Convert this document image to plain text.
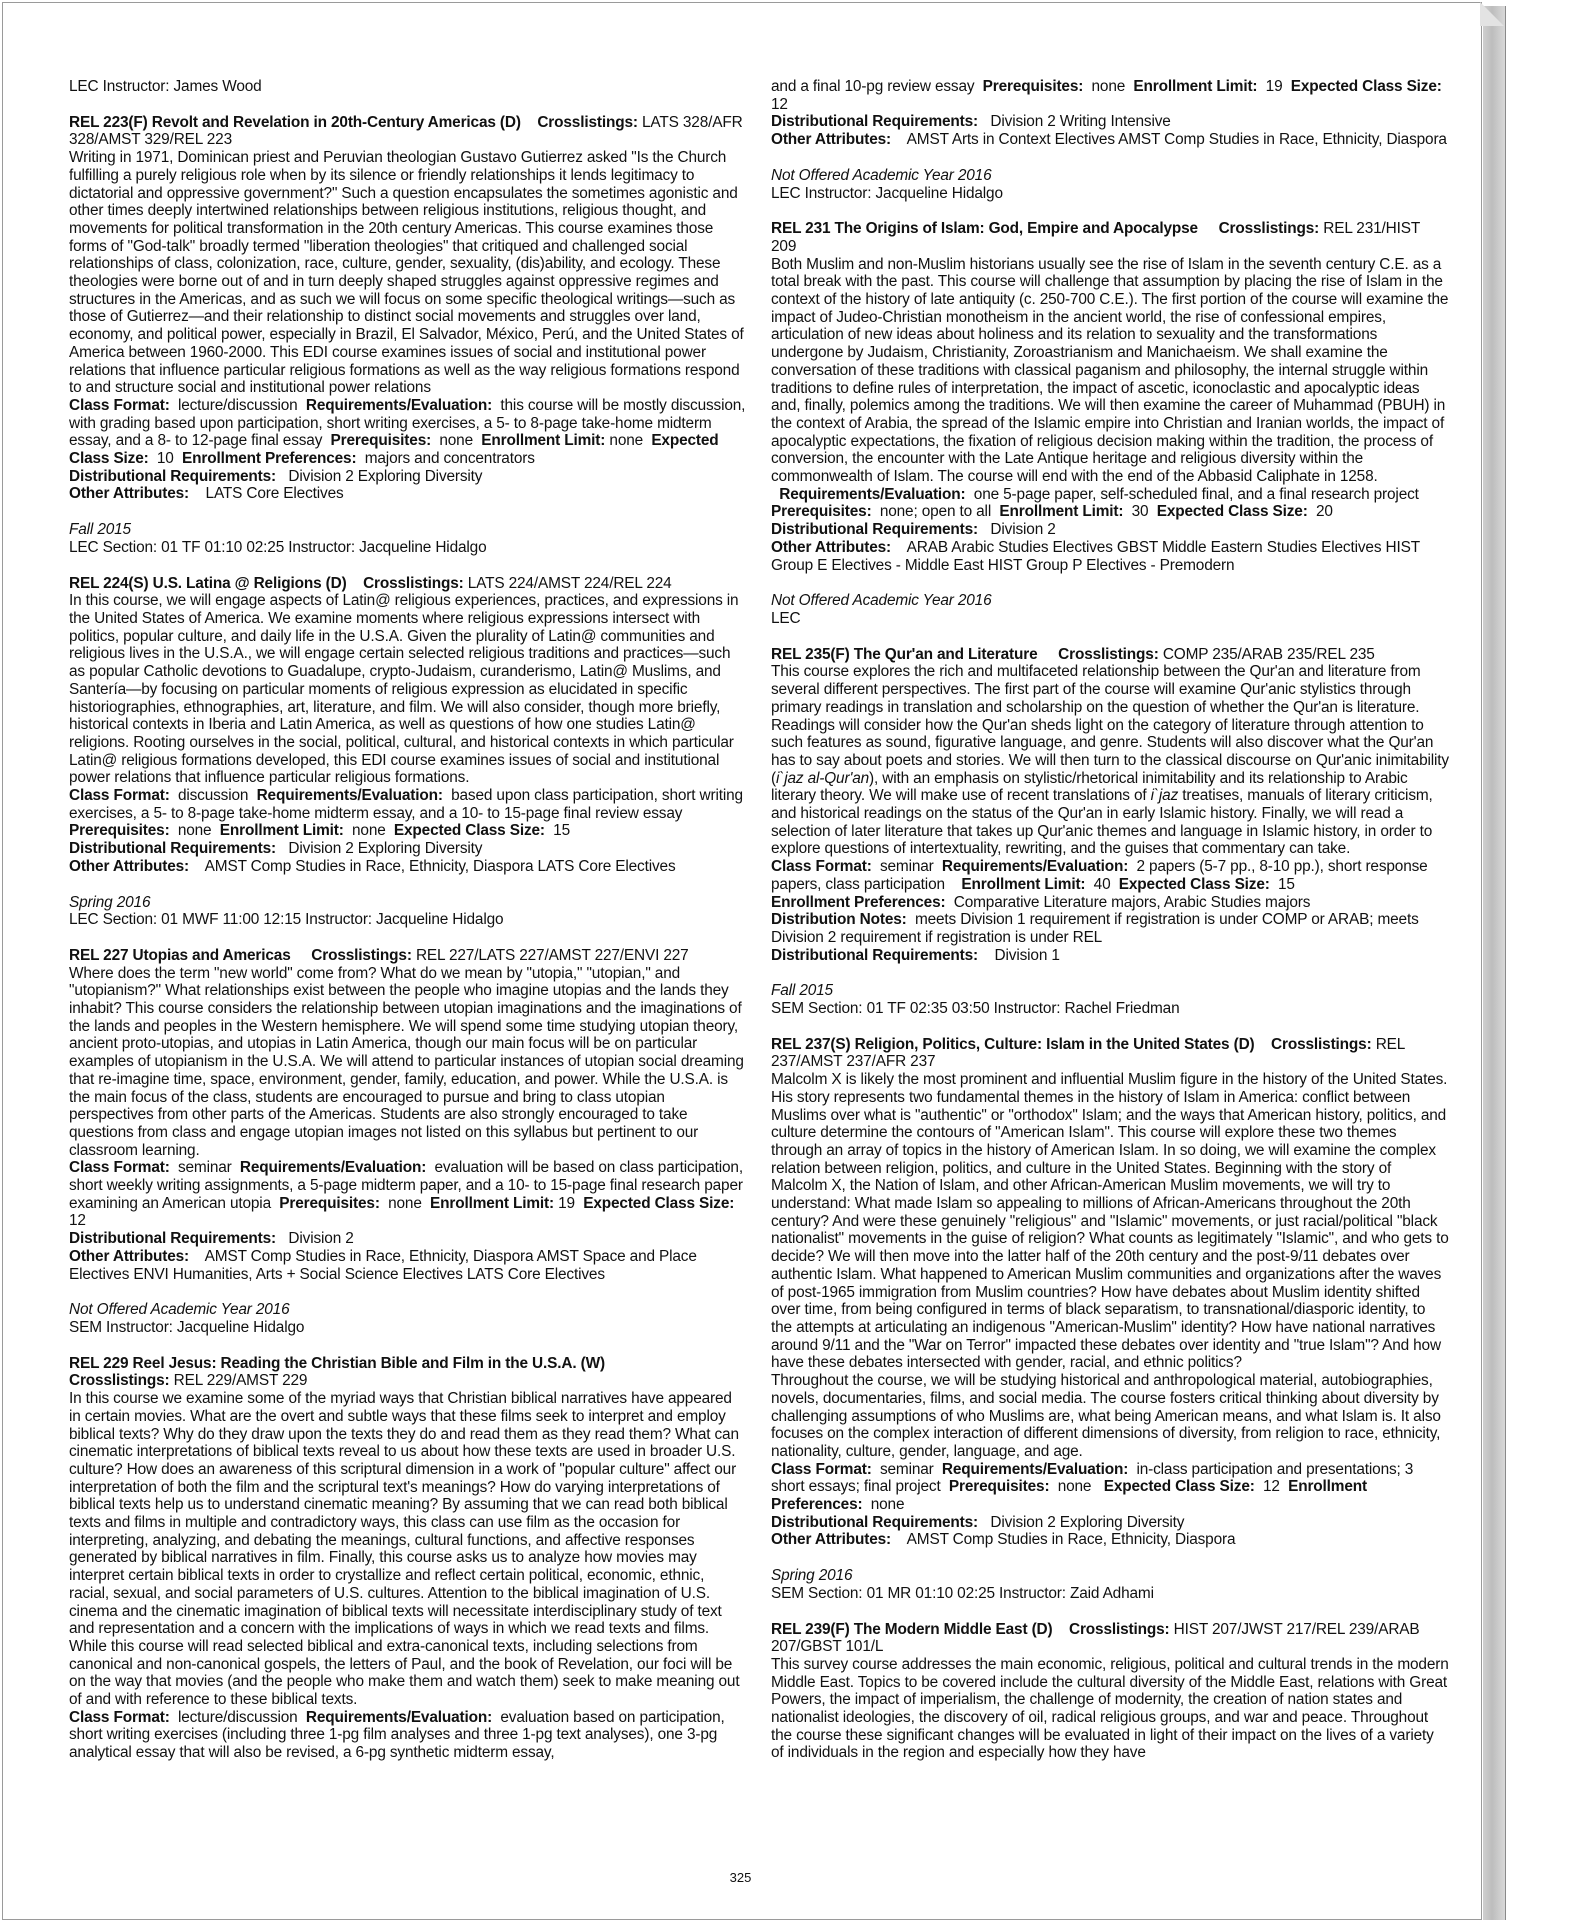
LEC Instructor: James Wood

REL 223(F) Revolt and Revelation in 20th-Century Americas (D) Crosslistings: LATS 328/AFR 328/AMST 329/REL 223

Writing in 1971, Dominican priest and Peruvian theologian Gustavo Gutierrez asked "Is the Church fulfilling a purely religious role when by its silence or friendly relationships it lends legitimacy to dictatorial and oppressive government?" Such a question encapsulates the sometimes agonistic and other times deeply intertwined relationships between religious institutions, religious thought, and movements for political transformation in the 20th century Americas. This course examines those forms of "God-talk" broadly termed "liberation theologies" that critiqued and challenged social relationships of class, colonization, race, culture, gender, sexuality, (dis)ability, and ecology. These theologies were borne out of and in turn deeply shaped struggles against oppressive regimes and structures in the Americas, and as such we will focus on some specific theological writings—such as those of Gutierrez—and their relationship to distinct social movements and struggles over land, economy, and political power, especially in Brazil, El Salvador, México, Perú, and the United States of America between 1960-2000. This EDI course examines issues of social and institutional power relations that influence particular religious formations as well as the way religious formations respond to and structure social and institutional power relations

Class Format: lecture/discussion Requirements/Evaluation: this course will be mostly discussion, with grading based upon participation, short writing exercises, a 5- to 8-page take-home midterm essay, and a 8- to 12-page final essay Prerequisites: none Enrollment Limit: none Expected Class Size: 10 Enrollment Preferences: majors and concentrators

Distributional Requirements: Division 2 Exploring Diversity

Other Attributes: LATS Core Electives

Fall 2015

LEC Section: 01 TF 01:10 02:25 Instructor: Jacqueline Hidalgo

REL 224(S) U.S. Latina @ Religions (D) Crosslistings: LATS 224/AMST 224/REL 224

In this course, we will engage aspects of Latin@ religious experiences, practices, and expressions in the United States of America. We examine moments where religious expressions intersect with politics, popular culture, and daily life in the U.S.A. Given the plurality of Latin@ communities and religious lives in the U.S.A., we will engage certain selected religious traditions and practices—such as popular Catholic devotions to Guadalupe, crypto-Judaism, curanderismo, Latin@ Muslims, and Santería—by focusing on particular moments of religious expression as elucidated in specific historiographies, ethnographies, art, literature, and film. We will also consider, though more briefly, historical contexts in Iberia and Latin America, as well as questions of how one studies Latin@ religions. Rooting ourselves in the social, political, cultural, and historical contexts in which particular Latin@ religious formations developed, this EDI course examines issues of social and institutional power relations that influence particular religious formations.

Class Format: discussion Requirements/Evaluation: based upon class participation, short writing exercises, a 5- to 8-page take-home midterm essay, and a 10- to 15-page final review essay  Prerequisites: none Enrollment Limit: none Expected Class Size: 15

Distributional Requirements: Division 2 Exploring Diversity

Other Attributes: AMST Comp Studies in Race, Ethnicity, Diaspora LATS Core Electives

Spring 2016

LEC Section: 01 MWF 11:00 12:15 Instructor: Jacqueline Hidalgo

REL 227 Utopias and Americas Crosslistings: REL 227/LATS 227/AMST 227/ENVI 227

Where does the term "new world" come from? What do we mean by "utopia," "utopian," and "utopianism?" What relationships exist between the people who imagine utopias and the lands they inhabit? This course considers the relationship between utopian imaginations and the imaginations of the lands and peoples in the Western hemisphere. We will spend some time studying utopian theory, ancient proto-utopias, and utopias in Latin America, though our main focus will be on particular examples of utopianism in the U.S.A. We will attend to particular instances of utopian social dreaming that re-imagine time, space, environment, gender, family, education, and power. While the U.S.A. is the main focus of the class, students are encouraged to pursue and bring to class utopian perspectives from other parts of the Americas. Students are also strongly encouraged to take questions from class and engage utopian images not listed on this syllabus but pertinent to our classroom learning.

Class Format: seminar Requirements/Evaluation: evaluation will be based on class participation, short weekly writing assignments, a 5-page midterm paper, and a 10- to 15-page final research paper examining an American utopia Prerequisites: none Enrollment Limit: 19 Expected Class Size:  12

Distributional Requirements: Division 2

Other Attributes: AMST Comp Studies in Race, Ethnicity, Diaspora AMST Space and Place Electives ENVI Humanities, Arts + Social Science Electives LATS Core Electives

Not Offered Academic Year 2016

SEM Instructor: Jacqueline Hidalgo

REL 229 Reel Jesus: Reading the Christian Bible and Film in the U.S.A. (W)

Crosslistings: REL 229/AMST 229

In this course we examine some of the myriad ways that Christian biblical narratives have appeared in certain movies. What are the overt and subtle ways that these films seek to interpret and employ biblical texts? Why do they draw upon the texts they do and read them as they read them? What can cinematic interpretations of biblical texts reveal to us about how these texts are used in broader U.S. culture? How does an awareness of this scriptural dimension in a work of "popular culture" affect our interpretation of both the film and the scriptural text's meanings? How do varying interpretations of biblical texts help us to understand cinematic meaning? By assuming that we can read both biblical texts and films in multiple and contradictory ways, this class can use film as the occasion for interpreting, analyzing, and debating the meanings, cultural functions, and affective responses generated by biblical narratives in film. Finally, this course asks us to analyze how movies may interpret certain biblical texts in order to crystallize and reflect certain political, economic, ethnic, racial, sexual, and social parameters of U.S. cultures. Attention to the biblical imagination of U.S. cinema and the cinematic imagination of biblical texts will necessitate interdisciplinary study of text and representation and a concern with the implications of ways in which we read texts and films. While this course will read selected biblical and extra-canonical texts, including selections from canonical and non-canonical gospels, the letters of Paul, and the book of Revelation, our foci will be on the way that movies (and the people who make them and watch them) seek to make meaning out of and with reference to these biblical texts.

Class Format: lecture/discussion Requirements/Evaluation: evaluation based on participation, short writing exercises (including three 1-pg film analyses and three 1-pg text analyses), one 3-pg analytical essay that will also be revised, a 6-pg synthetic midterm essay,

and a final 10-pg review essay Prerequisites: none Enrollment Limit: 19 Expected Class Size:  12

Distributional Requirements: Division 2 Writing Intensive

Other Attributes: AMST Arts in Context Electives AMST Comp Studies in Race, Ethnicity, Diaspora

Not Offered Academic Year 2016

LEC Instructor: Jacqueline Hidalgo

REL 231 The Origins of Islam: God, Empire and Apocalypse Crosslistings: REL 231/HIST 209

Both Muslim and non-Muslim historians usually see the rise of Islam in the seventh century C.E. as a total break with the past. This course will challenge that assumption by placing the rise of Islam in the context of the history of late antiquity (c. 250-700 C.E.). The first portion of the course will examine the impact of Judeo-Christian monotheism in the ancient world, the rise of confessional empires, articulation of new ideas about holiness and its relation to sexuality and the transformations undergone by Judaism, Christianity, Zoroastrianism and Manichaeism. We shall examine the conversation of these traditions with classical paganism and philosophy, the internal struggle within traditions to define rules of interpretation, the impact of ascetic, iconoclastic and apocalyptic ideas and, finally, polemics among the traditions. We will then examine the career of Muhammad (PBUH) in the context of Arabia, the spread of the Islamic empire into Christian and Iranian worlds, the impact of apocalyptic expectations, the fixation of religious decision making within the tradition, the process of conversion, the encounter with the Late Antique heritage and religious diversity within the commonwealth of Islam. The course will end with the end of the Abbasid Caliphate in 1258.

Requirements/Evaluation: one 5-page paper, self-scheduled final, and a final research project  Prerequisites: none; open to all Enrollment Limit: 30 Expected Class Size: 20

Distributional Requirements: Division 2

Other Attributes: ARAB Arabic Studies Electives GBST Middle Eastern Studies Electives HIST Group E Electives - Middle East HIST Group P Electives - Premodern

Not Offered Academic Year 2016

LEC

REL 235(F) The Qur'an and Literature Crosslistings: COMP 235/ARAB 235/REL 235

This course explores the rich and multifaceted relationship between the Qur'an and literature from several different perspectives. The first part of the course will examine Qur'anic stylistics through primary readings in translation and scholarship on the question of whether the Qur'an is literature. Readings will consider how the Qur'an sheds light on the category of literature through attention to such features as sound, figurative language, and genre. Students will also discover what the Qur'an has to say about poets and stories. We will then turn to the classical discourse on Qur'anic inimitability (i`jaz al-Qur'an), with an emphasis on stylistic/rhetorical inimitability and its relationship to Arabic literary theory. We will make use of recent translations of i`jaz treatises, manuals of literary criticism, and historical readings on the status of the Qur'an in early Islamic history. Finally, we will read a selection of later literature that takes up Qur'anic themes and language in Islamic history, in order to explore questions of intertextuality, rewriting, and the guises that commentary can take.

Class Format: seminar Requirements/Evaluation: 2 papers (5-7 pp., 8-10 pp.), short response papers, class participation Enrollment Limit: 40 Expected Class Size: 15

Enrollment Preferences: Comparative Literature majors, Arabic Studies majors

Distribution Notes: meets Division 1 requirement if registration is under COMP or ARAB; meets Division 2 requirement if registration is under REL

Distributional Requirements: Division 1

Fall 2015

SEM Section: 01 TF 02:35 03:50 Instructor: Rachel Friedman

REL 237(S) Religion, Politics, Culture: Islam in the United States (D) Crosslistings: REL 237/AMST 237/AFR 237

Malcolm X is likely the most prominent and influential Muslim figure in the history of the United States. His story represents two fundamental themes in the history of Islam in America: conflict between Muslims over what is "authentic" or "orthodox" Islam; and the ways that American history, politics, and culture determine the contours of "American Islam". This course will explore these two themes through an array of topics in the history of American Islam. In so doing, we will examine the complex relation between religion, politics, and culture in the United States. Beginning with the story of Malcolm X, the Nation of Islam, and other African-American Muslim movements, we will try to understand: What made Islam so appealing to millions of African-Americans throughout the 20th century? And were these genuinely "religious" and "Islamic" movements, or just racial/political "black nationalist" movements in the guise of religion? What counts as legitimately "Islamic", and who gets to decide? We will then move into the latter half of the 20th century and the post-9/11 debates over authentic Islam. What happened to American Muslim communities and organizations after the waves of post-1965 immigration from Muslim countries? How have debates about Muslim identity shifted over time, from being configured in terms of black separatism, to transnational/diasporic identity, to the attempts at articulating an indigenous "American-Muslim" identity? How have national narratives around 9/11 and the "War on Terror" impacted these debates over identity and "true Islam"? And how have these debates intersected with gender, racial, and ethnic politics?

Throughout the course, we will be studying historical and anthropological material, autobiographies, novels, documentaries, films, and social media. The course fosters critical thinking about diversity by challenging assumptions of who Muslims are, what being American means, and what Islam is. It also focuses on the complex interaction of different dimensions of diversity, from religion to race, ethnicity, nationality, culture, gender, language, and age.

Class Format: seminar Requirements/Evaluation: in-class participation and presentations; 3 short essays; final project Prerequisites: none Expected Class Size: 12 Enrollment Preferences: none

Distributional Requirements: Division 2 Exploring Diversity

Other Attributes: AMST Comp Studies in Race, Ethnicity, Diaspora

Spring 2016

SEM Section: 01 MR 01:10 02:25 Instructor: Zaid Adhami

REL 239(F) The Modern Middle East (D) Crosslistings: HIST 207/JWST 217/REL 239/ARAB 207/GBST 101/L

This survey course addresses the main economic, religious, political and cultural trends in the modern Middle East. Topics to be covered include the cultural diversity of the Middle East, relations with Great Powers, the impact of imperialism, the challenge of modernity, the creation of nation states and nationalist ideologies, the discovery of oil, radical religious groups, and war and peace. Throughout the course these significant changes will be evaluated in light of their impact on the lives of a variety of individuals in the region and especially how they have

325
